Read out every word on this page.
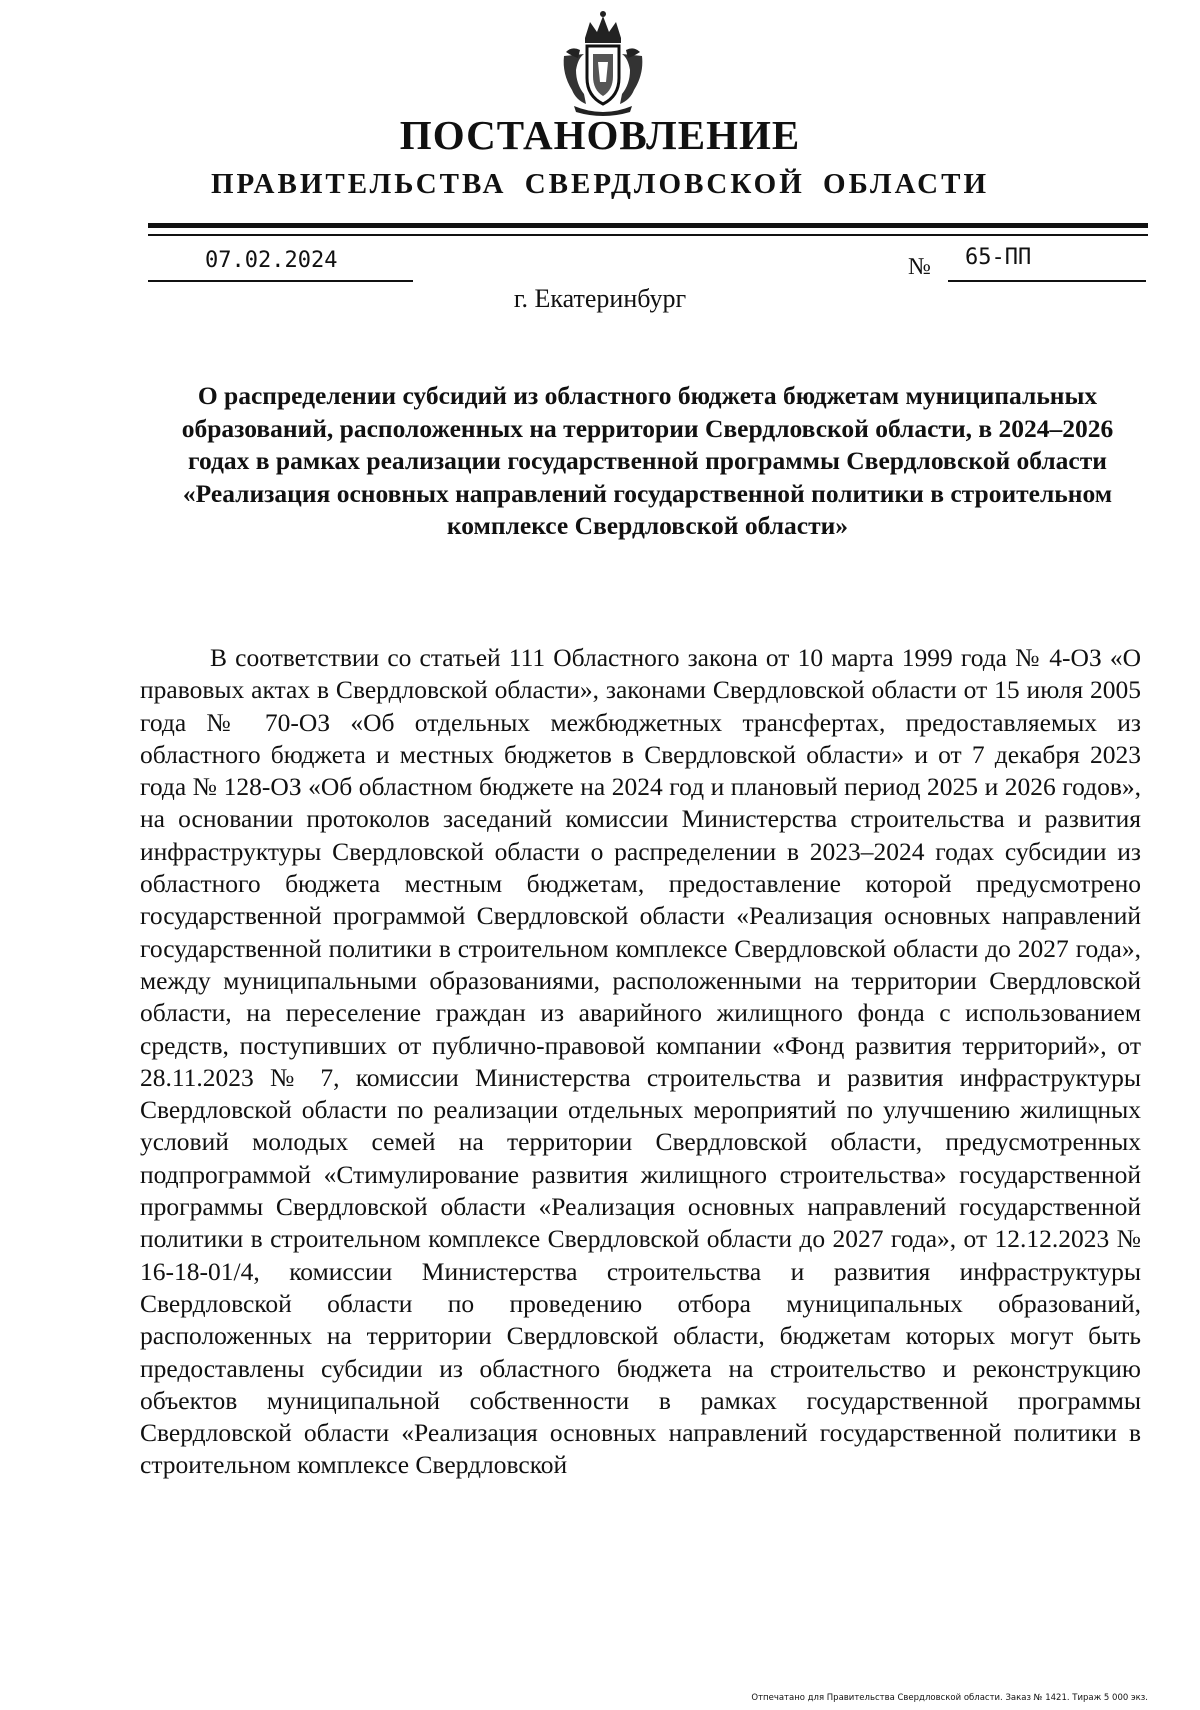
ПОСТАНОВЛЕНИЕ
ПРАВИТЕЛЬСТВА СВЕРДЛОВСКОЙ ОБЛАСТИ
07.02.2024	№ 65-ПП
г. Екатеринбург

О распределении субсидий из областного бюджета бюджетам муниципальных образований, расположенных на территории Свердловской области, в 2024–2026 годах в рамках реализации государственной программы Свердловской области «Реализация основных направлений государственной политики в строительном комплексе Свердловской области»

В соответствии со статьей 111 Областного закона от 10 марта 1999 года № 4-ОЗ «О правовых актах в Свердловской области», законами Свердловской области от 15 июля 2005 года № 70-ОЗ «Об отдельных межбюджетных трансфертах, предоставляемых из областного бюджета и местных бюджетов в Свердловской области» и от 7 декабря 2023 года № 128-ОЗ «Об областном бюджете на 2024 год и плановый период 2025 и 2026 годов», на основании протоколов заседаний комиссии Министерства строительства и развития инфраструктуры Свердловской области о распределении в 2023–2024 годах субсидии из областного бюджета местным бюджетам, предоставление которой предусмотрено государственной программой Свердловской области «Реализация основных направлений государственной политики в строительном комплексе Свердловской области до 2027 года», между муниципальными образованиями, расположенными на территории Свердловской области, на переселение граждан из аварийного жилищного фонда с использованием средств, поступивших от публично-правовой компании «Фонд развития территорий», от 28.11.2023 № 7, комиссии Министерства строительства и развития инфраструктуры Свердловской области по реализации отдельных мероприятий по улучшению жилищных условий молодых семей на территории Свердловской области, предусмотренных подпрограммой «Стимулирование развития жилищного строительства» государственной программы Свердловской области «Реализация основных направлений государственной политики в строительном комплексе Свердловской области до 2027 года», от 12.12.2023 № 16-18-01/4, комиссии Министерства строительства и развития инфраструктуры Свердловской области по проведению отбора муниципальных образований, расположенных на территории Свердловской области, бюджетам которых могут быть предоставлены субсидии из областного бюджета на строительство и реконструкцию объектов муниципальной собственности в рамках государственной программы Свердловской области «Реализация основных направлений государственной политики в строительном комплексе Свердловской

Отпечатано для Правительства Свердловской области. Заказ № 1421. Тираж 5 000 экз.
